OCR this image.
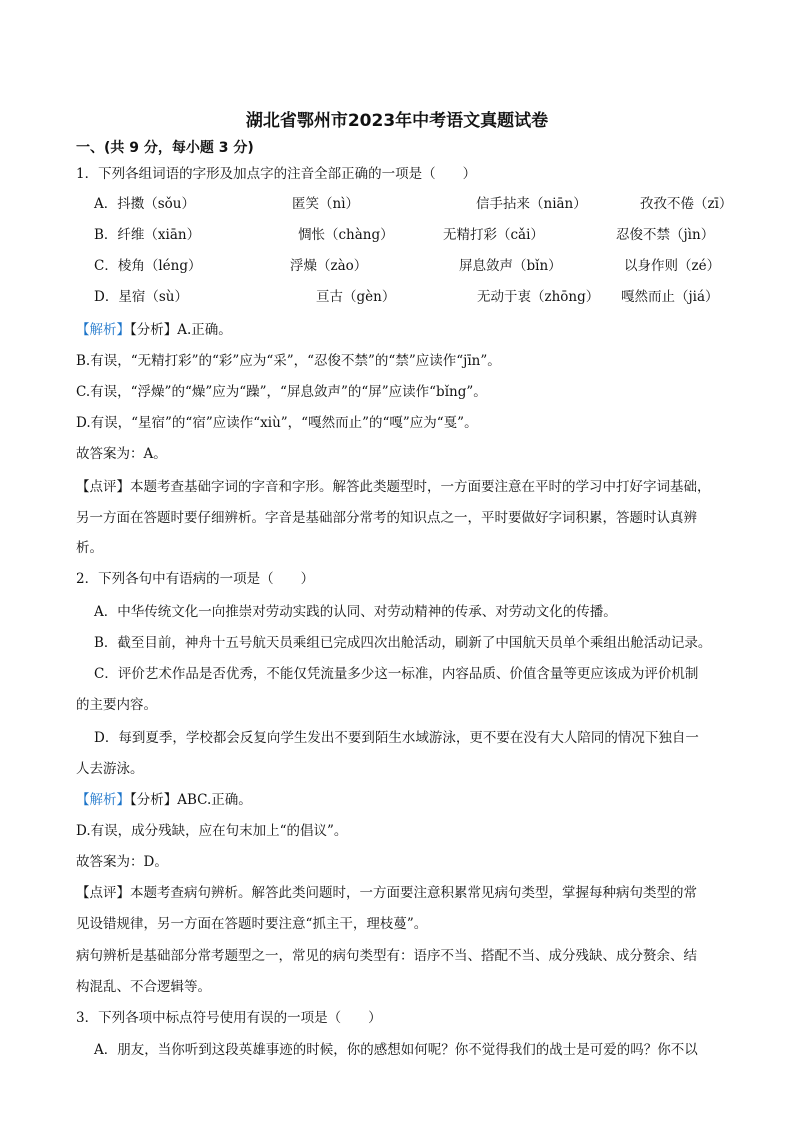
湖北省鄂州市2023年中考语文真题试卷
一、(共 9 分，每小题 3 分)
1．下列各组词语的字形及加点字的注音全部正确的一项是（　　）
A．抖擞（sǒu）	匿笑（nì）	信手拈来（niān）	孜孜不倦（zī）
B．纤维（xiān）	惆怅（chàng）	无精打彩（cǎi）	忍俊不禁（jìn）
C．棱角（léng）	浮燥（zào）	屏息敛声（bǐn）	以身作则（zé）
D．星宿（sù）	亘古（gèn）	无动于衷（zhōng） 嘎然而止（jiá）
【解析】【分析】A.正确。
B.有误，“无精打彩”的“彩”应为“采”，“忍俊不禁”的“禁”应读作“jīn”。
C.有误，“浮燥”的“燥”应为“躁”，“屏息敛声”的“屏”应读作“bǐng”。
D.有误，“星宿”的“宿”应读作“xiù”，“嘎然而止”的“嘎”应为“戛”。
故答案为：A。
【点评】本题考查基础字词的字音和字形。解答此类题型时，一方面要注意在平时的学习中打好字词基础，
另一方面在答题时要仔细辨析。字音是基础部分常考的知识点之一，平时要做好字词积累，答题时认真辨
析。
2．下列各句中有语病的一项是（　　）
A．中华传统文化一向推崇对劳动实践的认同、对劳动精神的传承、对劳动文化的传播。
B．截至目前，神舟十五号航天员乘组已完成四次出舱活动，刷新了中国航天员单个乘组出舱活动记录。
C．评价艺术作品是否优秀，不能仅凭流量多少这一标准，内容品质、价值含量等更应该成为评价机制
的主要内容。
D．每到夏季，学校都会反复向学生发出不要到陌生水域游泳，更不要在没有大人陪同的情况下独自一
人去游泳。
【解析】【分析】ABC.正确。
D.有误，成分残缺，应在句末加上“的倡议”。
故答案为：D。
【点评】本题考查病句辨析。解答此类问题时，一方面要注意积累常见病句类型，掌握每种病句类型的常
见设错规律，另一方面在答题时要注意“抓主干，理枝蔓”。
病句辨析是基础部分常考题型之一，常见的病句类型有：语序不当、搭配不当、成分残缺、成分赘余、结
构混乱、不合逻辑等。
3．下列各项中标点符号使用有误的一项是（　　）
A．朋友，当你听到这段英雄事迹的时候，你的感想如何呢？你不觉得我们的战士是可爱的吗？你不以
